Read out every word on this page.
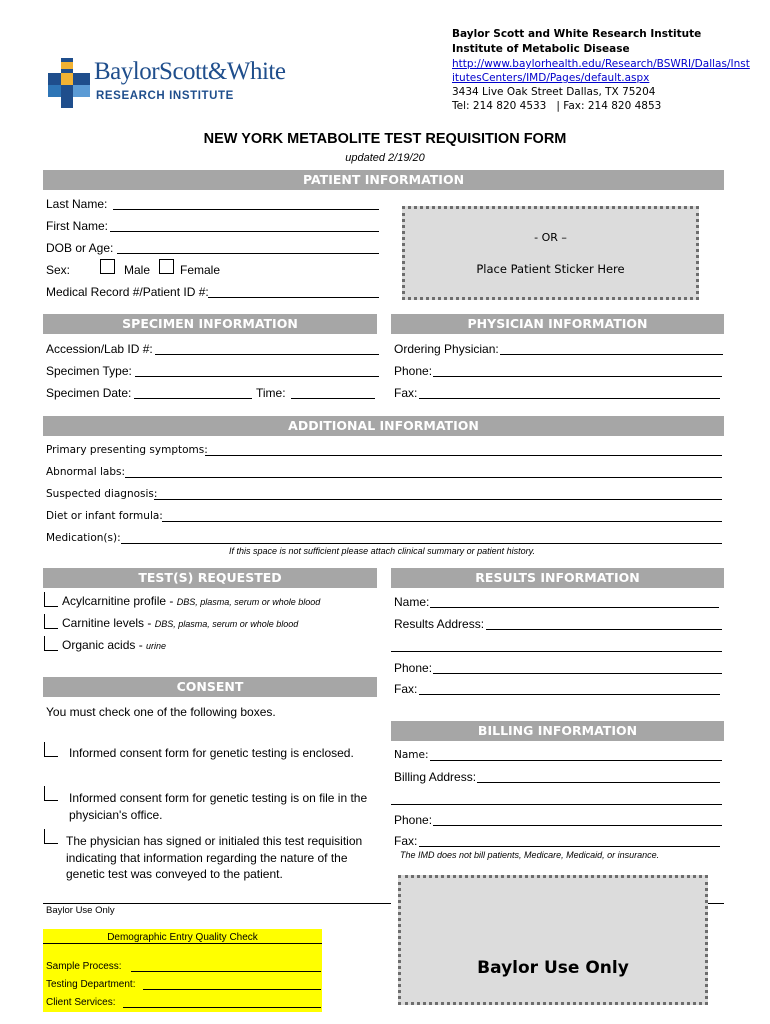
BaylorScott&White
RESEARCH INSTITUTE
Baylor Scott and White Research Institute
Institute of Metabolic Disease
http://www.baylorhealth.edu/Research/BSWRI/Dallas/Inst
itutesCenters/IMD/Pages/default.aspx
3434 Live Oak Street Dallas, TX 75204
Tel: 214 820 4533   | Fax: 214 820 4853
NEW YORK METABOLITE TEST REQUISITION FORM
updated 2/19/20
PATIENT INFORMATION
Last Name:
First Name:
DOB or Age:
Sex:	Male Female
Medical Record #/Patient ID #:
- OR –
Place Patient Sticker Here
SPECIMEN INFORMATION
Accession/Lab ID #:
Specimen Type:
Specimen Date:	Time:
PHYSICIAN INFORMATION
Ordering Physician:
Phone:
Fax:
ADDITIONAL INFORMATION
Primary presenting symptoms:
Abnormal labs:
Suspected diagnosis:
Diet or infant formula:
Medication(s):
If this space is not sufficient please attach clinical summary or patient history.
TEST(S) REQUESTED
Acylcarnitine profile - DBS, plasma, serum or whole blood
Carnitine levels - DBS, plasma, serum or whole blood
Organic acids - urine
RESULTS INFORMATION
Name:
Results Address:
Phone:
Fax:
CONSENT
You must check one of the following boxes.
Informed consent form for genetic testing is enclosed.
Informed consent form for genetic testing is on file in the
physician's office.
The physician has signed or initialed this test requisition
indicating that information regarding the nature of the
genetic test was conveyed to the patient.
BILLING INFORMATION
Name:
Billing Address:
Phone:
Fax:
The IMD does not bill patients, Medicare, Medicaid, or insurance.
Baylor Use Only
Demographic Entry Quality Check
Sample Process:
Testing Department:
Client Services:
Baylor Use Only
